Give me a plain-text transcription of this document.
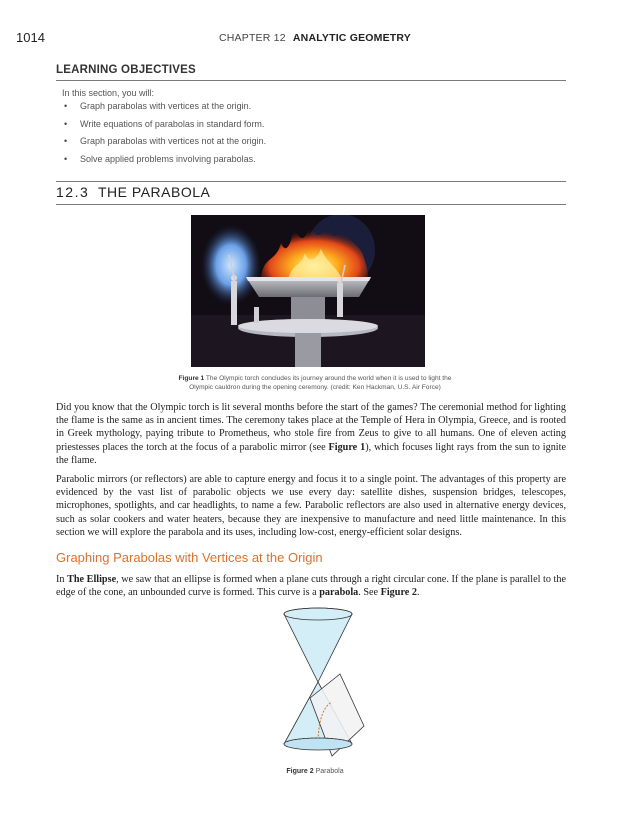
1014	CHAPTER 12 ANALYTIC GEOMETRY
LEARNING OBJECTIVES
In this section, you will:
• Graph parabolas with vertices at the origin.
• Write equations of parabolas in standard form.
• Graph parabolas with vertices not at the origin.
• Solve applied problems involving parabolas.
12.3 THE PARABOLA
Figure 1 The Olympic torch concludes its journey around the world when it is used to light the
Olympic cauldron during the opening ceremony. (credit: Ken Hackman, U.S. Air Force)

Did you know that the Olympic torch is lit several months before the start of the games? The ceremonial method for lighting the flame is the same as in ancient times. The ceremony takes place at the Temple of Hera in Olympia, Greece, and is rooted in Greek mythology, paying tribute to Prometheus, who stole fire from Zeus to give to all humans. One of eleven acting priestesses places the torch at the focus of a parabolic mirror (see Figure 1), which focuses light rays from the sun to ignite the flame.

Parabolic mirrors (or reflectors) are able to capture energy and focus it to a single point. The advantages of this property are evidenced by the vast list of parabolic objects we use every day: satellite dishes, suspension bridges, telescopes, microphones, spotlights, and car headlights, to name a few. Parabolic reflectors are also used in alternative energy devices, such as solar cookers and water heaters, because they are inexpensive to manufacture and need little maintenance. In this section we will explore the parabola and its uses, including low-cost, energy-efficient solar designs.

Graphing Parabolas with Vertices at the Origin

In The Ellipse, we saw that an ellipse is formed when a plane cuts through a right circular cone. If the plane is parallel to the edge of the cone, an unbounded curve is formed. This curve is a parabola. See Figure 2.

Figure 2 Parabola
